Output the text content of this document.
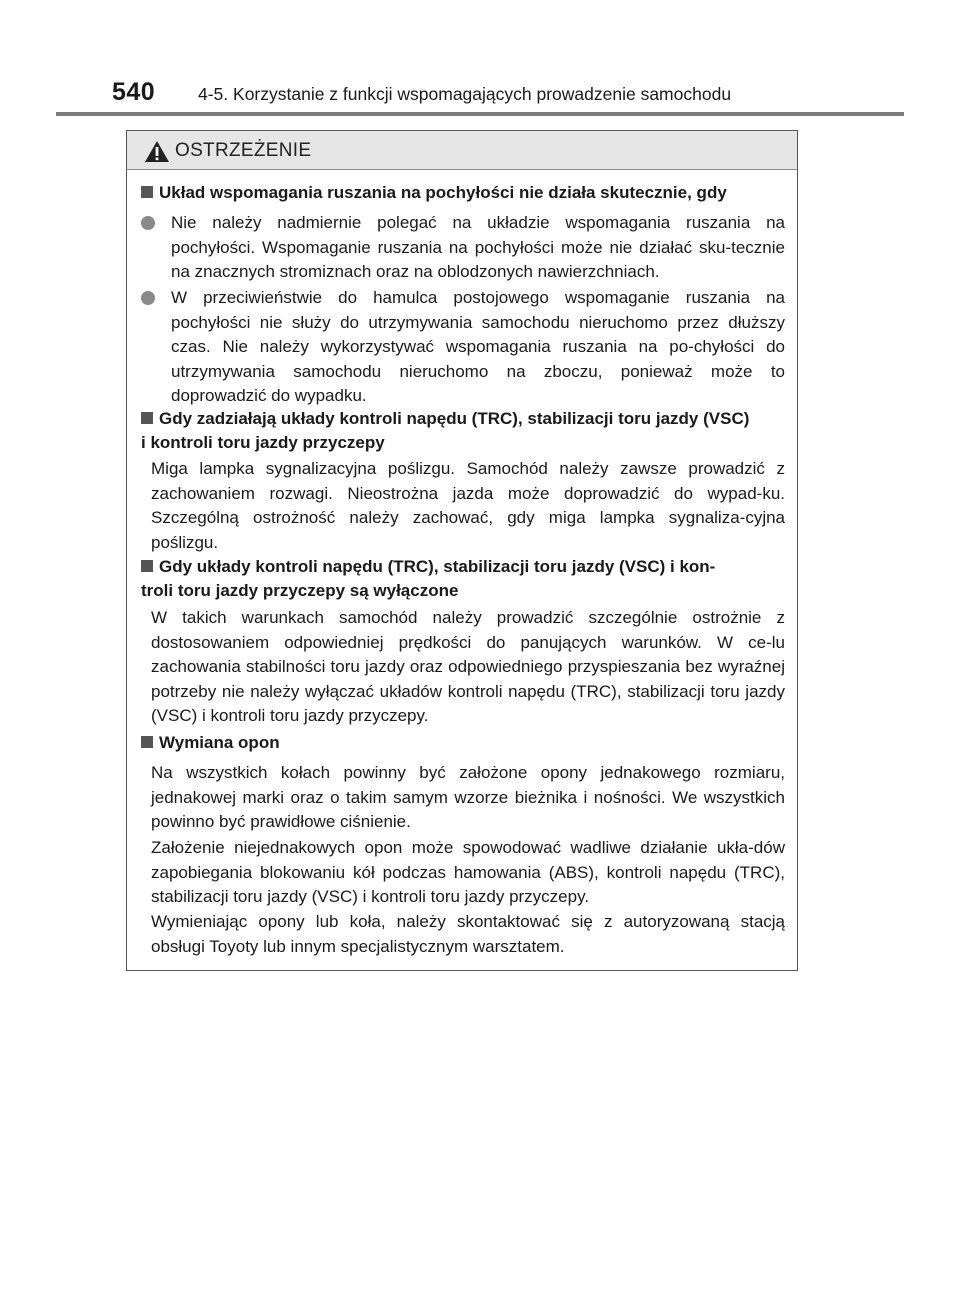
540 4-5. Korzystanie z funkcji wspomagających prowadzenie samochodu
OSTRZEŻENIE
Układ wspomagania ruszania na pochyłości nie działa skutecznie, gdy
Nie należy nadmiernie polegać na układzie wspomagania ruszania na pochyłości. Wspomaganie ruszania na pochyłości może nie działać sku-tecznie na znacznych stromiznach oraz na oblodzonych nawierzchniach.
W przeciwieństwie do hamulca postojowego wspomaganie ruszania na pochyłości nie służy do utrzymywania samochodu nieruchomo przez dłuższy czas. Nie należy wykorzystywać wspomagania ruszania na po-chyłości do utrzymywania samochodu nieruchomo na zboczu, ponieważ może to doprowadzić do wypadku.
Gdy zadziałają układy kontroli napędu (TRC), stabilizacji toru jazdy (VSC)
i kontroli toru jazdy przyczepy
Miga lampka sygnalizacyjna poślizgu. Samochód należy zawsze prowadzić z zachowaniem rozwagi. Nieostrożna jazda może doprowadzić do wypad-ku. Szczególną ostrożność należy zachować, gdy miga lampka sygnaliza-cyjna poślizgu.
Gdy układy kontroli napędu (TRC), stabilizacji toru jazdy (VSC) i kon-
troli toru jazdy przyczepy są wyłączone
W takich warunkach samochód należy prowadzić szczególnie ostrożnie z dostosowaniem odpowiedniej prędkości do panujących warunków. W ce-lu zachowania stabilności toru jazdy oraz odpowiedniego przyspieszania bez wyraźnej potrzeby nie należy wyłączać układów kontroli napędu (TRC), stabilizacji toru jazdy (VSC) i kontroli toru jazdy przyczepy.
Wymiana opon
Na wszystkich kołach powinny być założone opony jednakowego rozmiaru, jednakowej marki oraz o takim samym wzorze bieżnika i nośności. We wszystkich powinno być prawidłowe ciśnienie.
Założenie niejednakowych opon może spowodować wadliwe działanie ukła-dów zapobiegania blokowaniu kół podczas hamowania (ABS), kontroli napędu (TRC), stabilizacji toru jazdy (VSC) i kontroli toru jazdy przyczepy.
Wymieniając opony lub koła, należy skontaktować się z autoryzowaną stacją obsługi Toyoty lub innym specjalistycznym warsztatem.
